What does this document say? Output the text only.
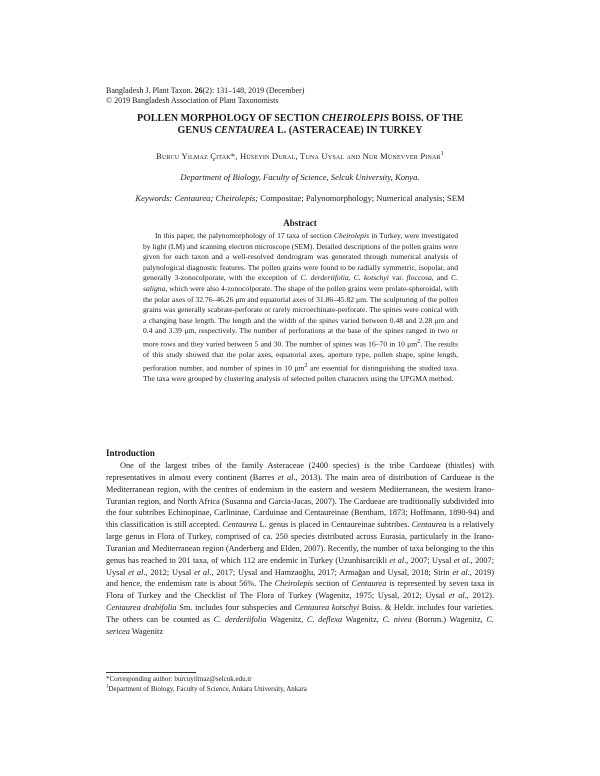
Bangladesh J. Plant Taxon. 26(2): 131–148, 2019 (December)
© 2019 Bangladesh Association of Plant Taxonomists
POLLEN MORPHOLOGY OF SECTION CHEIROLEPIS BOISS. OF THE
GENUS CENTAUREA L. (ASTERACEAE) IN TURKEY
Burcu Yilmaz Çitak*, Hüseyin Dural, Tuna Uysal and Nur Münevver Pinar$^1$
Department of Biology, Faculty of Science, Selcuk University, Konya.
Keywords: Centaurea; Cheirolepis; Compositae; Palynomorphology; Numerical analysis; SEM
Abstract
In this paper, the palynomorphology of 17 taxa of section Cheirolepis in Turkey, were investigated by light (LM) and scanning electron microscope (SEM). Detailed descriptions of the pollen grains were given for each taxon and a well-resolved dendrogram was generated through numerical analysis of palynological diagnostic features. The pollen grains were found to be radially symmetric, isopolar, and generally 3-zonocolporate, with the exception of C. derderiifolia, C. kotschyi var. floccosa, and C. saligna, which were also 4-zonocolporate. The shape of the pollen grains were prolate-spheroidal, with the polar axes of 32.76–46.26 μm and equatorial axes of 31.86–45.82 μm. The sculpturing of the pollen grains was generally scabrate-perforate or rarely microechinate-perforate. The spines were conical with a changing base length. The length and the width of the spines varied between 0.48 and 2.28 μm and 0.4 and 3.39 μm, respectively. The number of perforations at the base of the spines ranged in two or more rows and they varied between 5 and 30. The number of spines was 16–70 in 10 $\mu m^2$. The results of this study showed that the polar axes, equatorial axes, aperture type, pollen shape, spine length, perforation number, and number of spines in 10 $\mu m^2$ are essential for distinguishing the studied taxa. The taxa were grouped by clustering analysis of selected pollen characters using the UPGMA method.
Introduction
One of the largest tribes of the family Asteraceae (2400 species) is the tribe Cardueae (thistles) with representatives in almost every continent (Barres et al., 2013). The main area of distribution of Cardueae is the Mediterranean region, with the centres of endemism in the eastern and western Mediterranean, the western Irano-Turanian region, and North Africa (Susanna and Garcia-Jacas, 2007). The Cardueae are traditionally subdivided into the four subtribes Echinopinae, Carlininae, Carduinae and Centaureinae (Bentham, 1873; Hoffmann, 1890-94) and this classification is still accepted. Centaurea L. genus is placed in Centaureinae subtribes. Centaurea is a relatively large genus in Flora of Turkey, comprised of ca. 250 species distributed across Eurasia, particularly in the Irano-Turanian and Mediterranean region (Anderberg and Elden, 2007). Recently, the number of taxa belonging to the this genus has reached to 201 taxa, of which 112 are endemic in Turkey (Uzunhisarcikli et al., 2007; Uysal et al., 2007; Uysal et al., 2012; Uysal et al., 2017; Uysal and Hamzaoğlu, 2017; Armağan and Uysal, 2018; Sirin et al., 2019) and hence, the endemism rate is about 56%. The Cheirolepis section of Centaurea is represented by seven taxa in Flora of Turkey and the Checklist of The Flora of Turkey (Wagenitz, 1975; Uysal, 2012; Uysal et al., 2012). Centaurea drabifolia Sm. includes four subspecies and Centaurea kotschyi Boiss. & Heldr. includes four varieties. The others can be counted as C. derderiifolia Wagenitz, C. deflexa Wagenitz, C. nivea (Bornm.) Wagenitz, C. sericea Wagenitz
*Corresponding author: burcuyilmaz@selcuk.edu.tr
$^1$Department of Biology, Faculty of Science, Ankara University, Ankara
